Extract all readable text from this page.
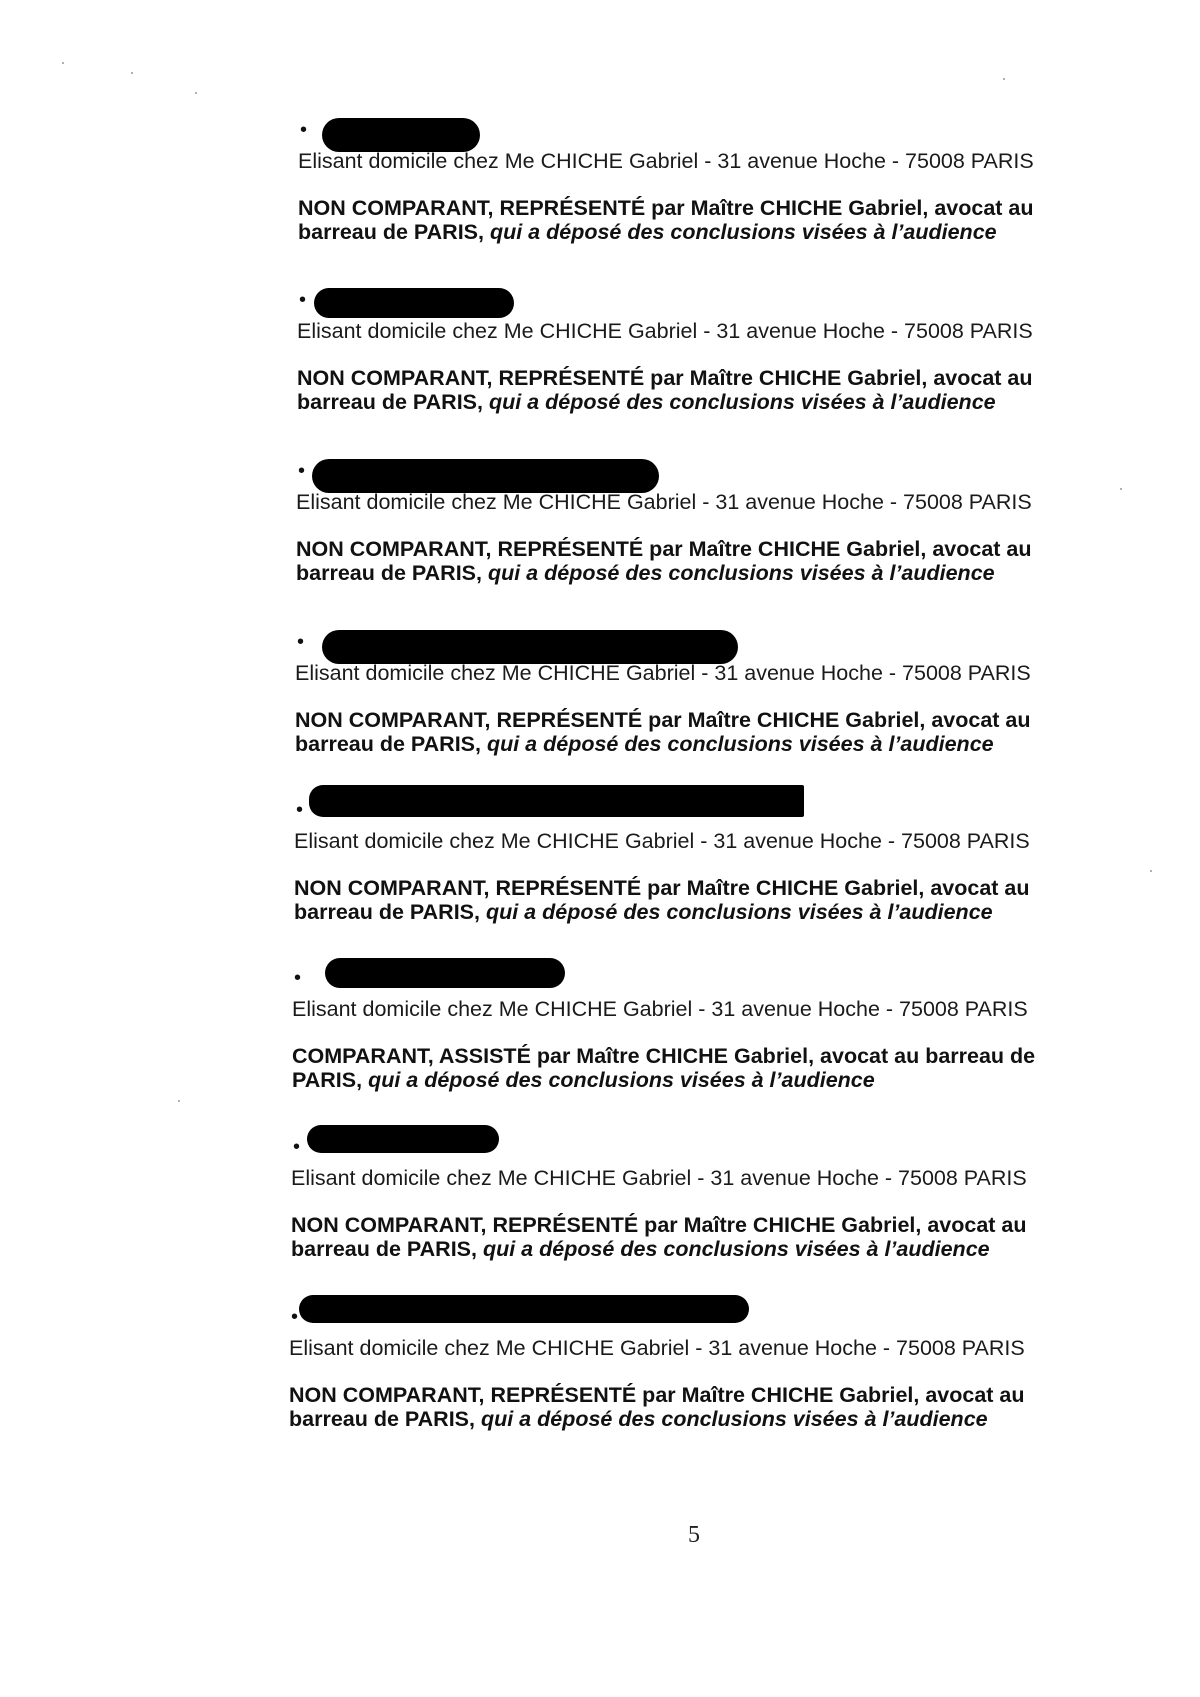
•
Elisant domicile chez Me CHICHE Gabriel - 31 avenue Hoche - 75008 PARIS
NON COMPARANT, REPRÉSENTÉ par Maître CHICHE Gabriel, avocat au
barreau de PARIS, qui a déposé des conclusions visées à l’audience
•
Elisant domicile chez Me CHICHE Gabriel - 31 avenue Hoche - 75008 PARIS
NON COMPARANT, REPRÉSENTÉ par Maître CHICHE Gabriel, avocat au
barreau de PARIS, qui a déposé des conclusions visées à l’audience
•
Elisant domicile chez Me CHICHE Gabriel - 31 avenue Hoche - 75008 PARIS
NON COMPARANT, REPRÉSENTÉ par Maître CHICHE Gabriel, avocat au
barreau de PARIS, qui a déposé des conclusions visées à l’audience
•
Elisant domicile chez Me CHICHE Gabriel - 31 avenue Hoche - 75008 PARIS
NON COMPARANT, REPRÉSENTÉ par Maître CHICHE Gabriel, avocat au
barreau de PARIS, qui a déposé des conclusions visées à l’audience
•
Elisant domicile chez Me CHICHE Gabriel - 31 avenue Hoche - 75008 PARIS
NON COMPARANT, REPRÉSENTÉ par Maître CHICHE Gabriel, avocat au
barreau de PARIS, qui a déposé des conclusions visées à l’audience
•
Elisant domicile chez Me CHICHE Gabriel - 31 avenue Hoche - 75008 PARIS
COMPARANT, ASSISTÉ par Maître CHICHE Gabriel, avocat au barreau de
PARIS, qui a déposé des conclusions visées à l’audience
•
Elisant domicile chez Me CHICHE Gabriel - 31 avenue Hoche - 75008 PARIS
NON COMPARANT, REPRÉSENTÉ par Maître CHICHE Gabriel, avocat au
barreau de PARIS, qui a déposé des conclusions visées à l’audience
•
Elisant domicile chez Me CHICHE Gabriel - 31 avenue Hoche - 75008 PARIS
NON COMPARANT, REPRÉSENTÉ par Maître CHICHE Gabriel, avocat au
barreau de PARIS, qui a déposé des conclusions visées à l’audience
5
